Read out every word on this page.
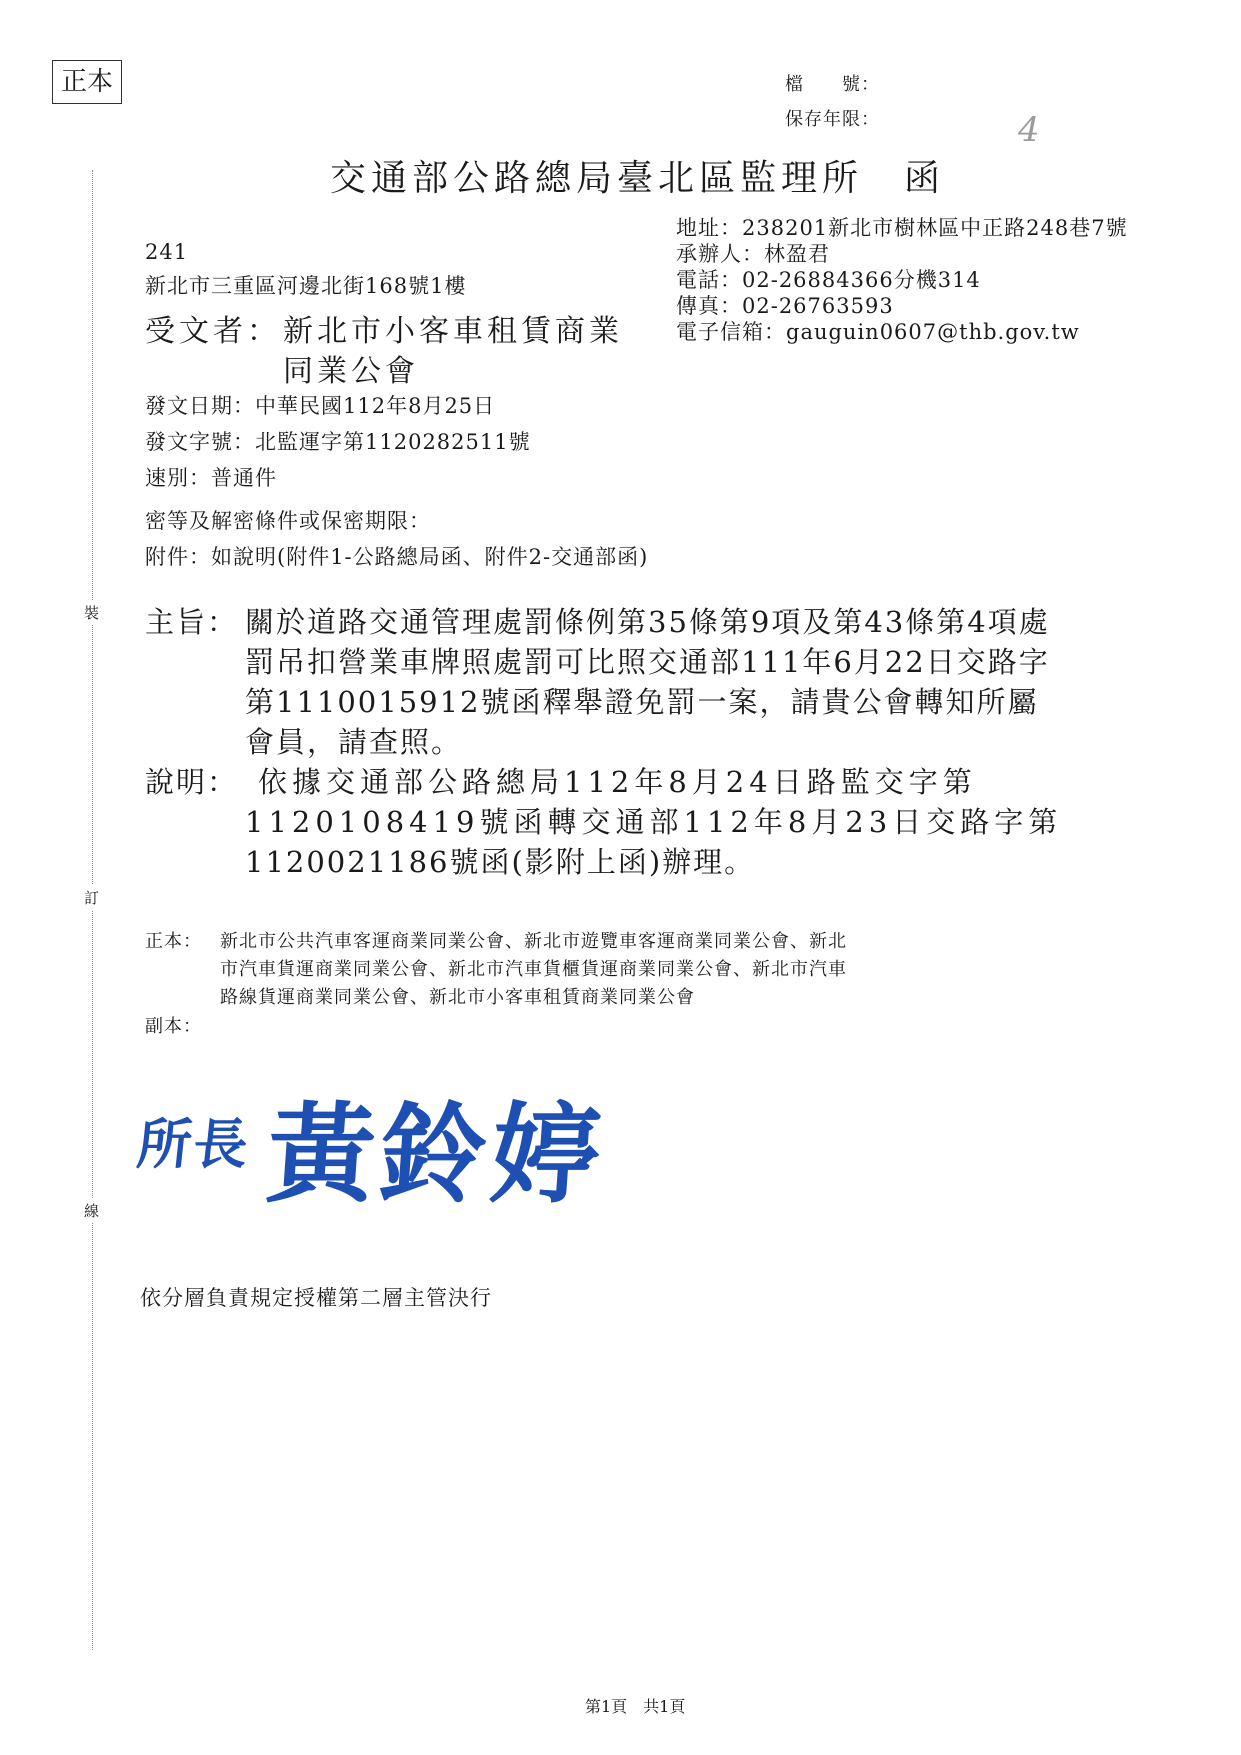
正本	檔　　號：
保存年限：	4
交通部公路總局臺北區監理所　函
裝
訂
線
地址：238201新北市樹林區中正路248巷7號
承辦人：林盈君
電話：02-26884366分機314
傳真：02-26763593
電子信箱：gauguin0607@thb.gov.tw
241
新北市三重區河邊北街168號1樓
受文者： 新北市小客車租賃商業
同業公會
發文日期：中華民國112年8月25日
發文字號：北監運字第1120282511號
速別：普通件
密等及解密條件或保密期限：
附件：如說明(附件1-公路總局函、附件2-交通部函)
主旨： 關於道路交通管理處罰條例第35條第9項及第43條第4項處
罰吊扣營業車牌照處罰可比照交通部111年6月22日交路字
第1110015912號函釋舉證免罰一案，請貴公會轉知所屬
會員，請查照。
說明： 依據交通部公路總局112年8月24日路監交字第
1120108419號函轉交通部112年8月23日交路字第
1120021186號函(影附上函)辦理。
正本： 新北市公共汽車客運商業同業公會、新北市遊覽車客運商業同業公會、新北
市汽車貨運商業同業公會、新北市汽車貨櫃貨運商業同業公會、新北市汽車
路線貨運商業同業公會、新北市小客車租賃商業同業公會
副本：
所長 黃鈴婷
依分層負責規定授權第二層主管決行
第1頁　共1頁
